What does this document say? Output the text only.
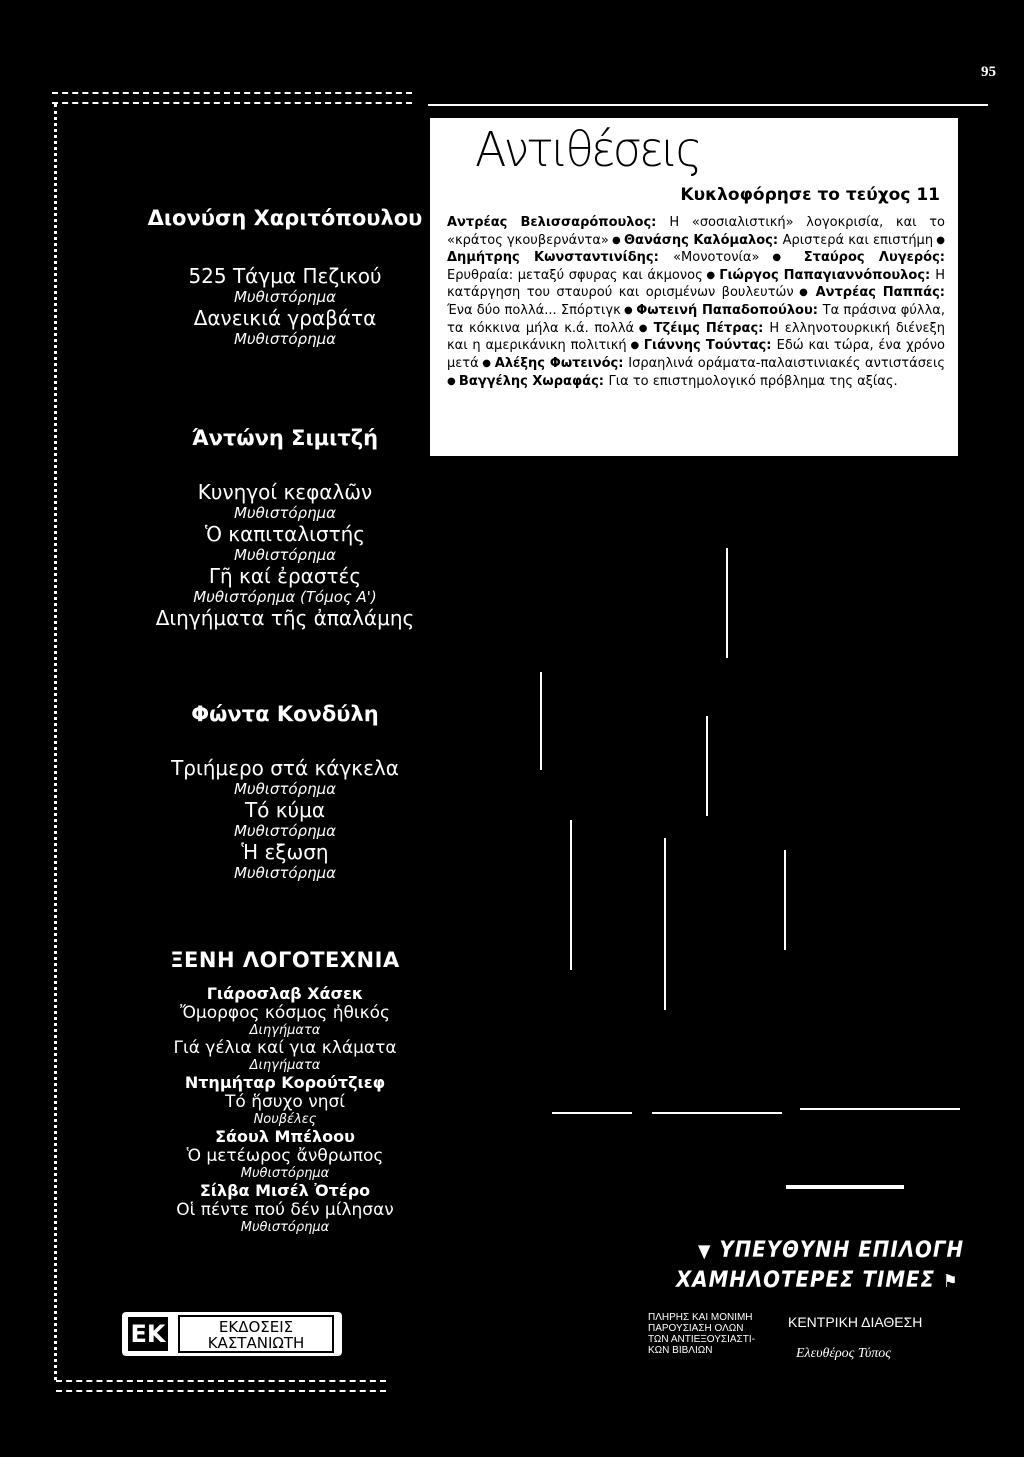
95
Διονύση Χαριτόπουλου
525 Τάγμα Πεζικού
Μυθιστόρημα
Δανεικιά γραβάτα
Μυθιστόρημα
Άντώνη Σιμιτζή
Κυνηγοί κεφαλῶν
Μυθιστόρημα
Ὁ καπιταλιστής
Μυθιστόρημα
Γῆ καί ἐραστές
Μυθιστόρημα (Τόμος Α')
Διηγήματα τῆς ἀπαλάμης
Φώντα Κονδύλη
Τριήμερο στά κάγκελα
Μυθιστόρημα
Τό κύμα
Μυθιστόρημα
Ἡ εξωση
Μυθιστόρημα
ΞΕΝΗ ΛΟΓΟΤΕΧΝΙΑ
Γιάροσλαβ Χάσεκ
Ὄμορφος κόσμος ἠθικός
Διηγήματα
Γιά γέλια καί για κλάματα
Διηγήματα
Ντημήταρ Κορούτζιεφ
Τό ἥσυχο νησί
Νουβέλες
Σάουλ Μπέλοου
Ὁ μετέωρος ἄνθρωπος
Μυθιστόρημα
Σίλβα Μισέλ Ὀτέρο
Οἱ πέντε πού δέν μίλησαν
Μυθιστόρημα
EK	ΕΚΔΟΣΕΙΣ
ΚΑΣΤΑΝΙΩΤΗ
Αντιθέσεις
Κυκλοφόρησε το τεύχος 11
Αντρέας Βελισσαρόπουλος: Η «σοσιαλιστική» λογοκρισία, και το «κράτος γκουβερνάντα» ● Θανάσης Καλόμαλος: Αριστερά και επιστήμη ● Δημήτρης Κωνσταντινίδης: «Μονοτονία» ● Σταύρος Λυγερός: Ερυθραία: μεταξύ σφυρας και άκμονος ● Γιώργος Παπαγιαννόπουλος: Η κατάργηση του σταυρού και ορισμένων βουλευτών ● Αντρέας Παππάς: Ένα δύο πολλά... Σπόρτιγκ ● Φωτεινή Παπαδοπούλου: Τα πράσινα φύλλα, τα κόκκινα μήλα κ.ά. πολλά ● Τζέιμς Πέτρας: Η ελληνοτουρκική διένεξη και η αμερικάνικη πολιτική ● Γιάννης Τούντας: Εδώ και τώρα, ένα χρόνο μετά ● Αλέξης Φωτεινός: Ισραηλινά οράματα-παλαιστινιακές αντιστάσεις ● Βαγγέλης Χωραφάς: Για το επιστημολογικό πρόβλημα της αξίας.
▼ ΥΠΕΥΘΥΝΗ ΕΠΙΛΟΓΗ
ΧΑΜΗΛΟΤΕΡΕΣ ΤΙΜΕΣ ⚑
ΠΛΗΡΗΣ ΚΑΙ ΜΟΝΙΜΗ
ΠΑΡΟΥΣΙΑΣΗ ΟΛΩΝ
ΤΩΝ ΑΝΤΙΕΞΟΥΣΙΑΣΤΙ-
ΚΩΝ ΒΙΒΛΙΩΝ
ΚΕΝΤΡΙΚΗ ΔΙΑΘΕΣΗ
Ελευθέρος Τύπος
